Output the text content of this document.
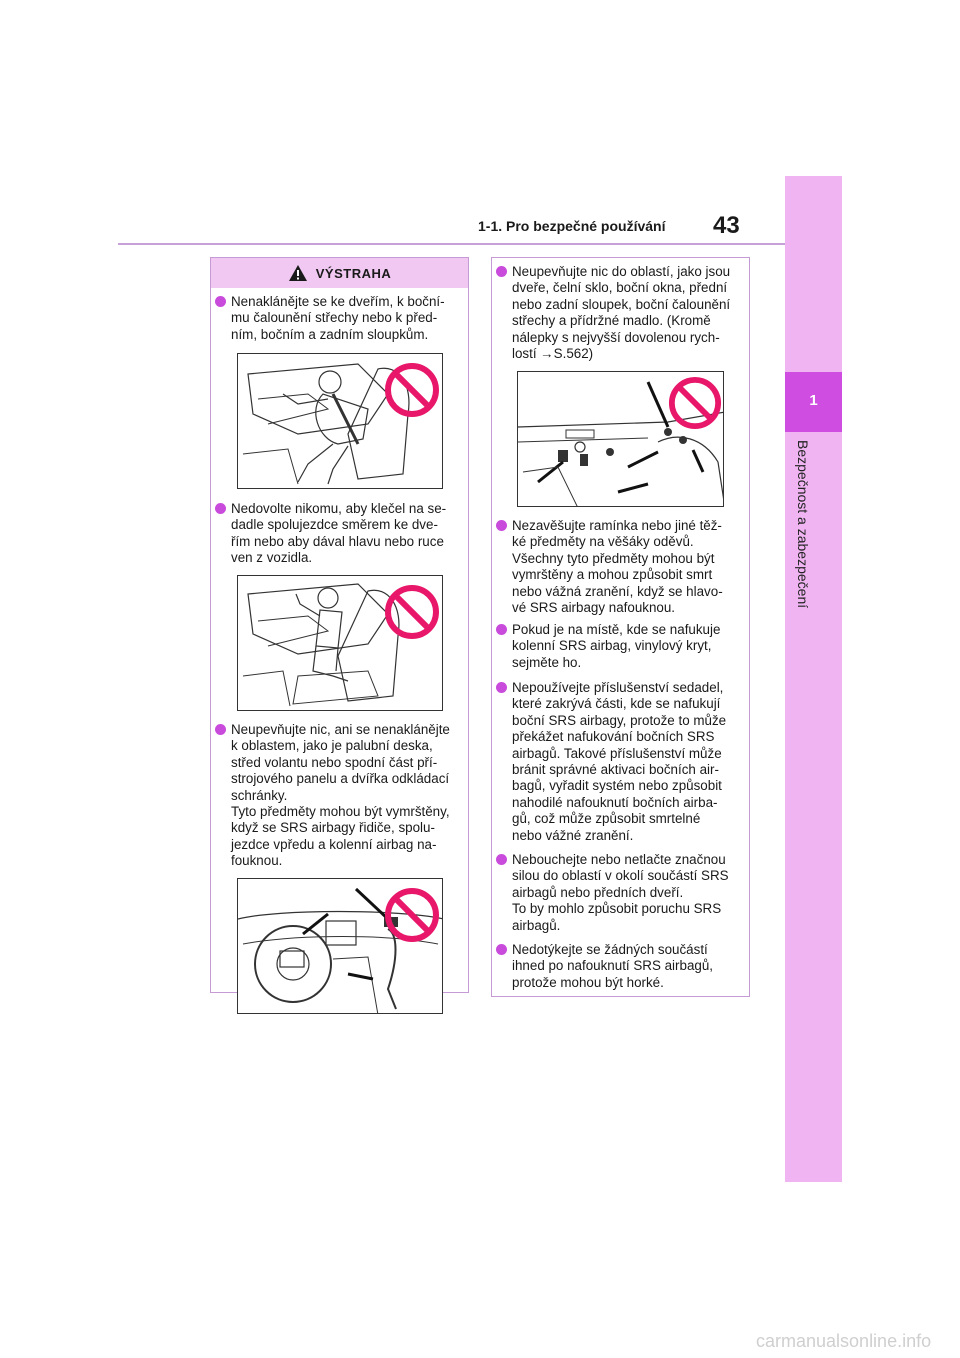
1-1. Pro bezpečné používání 43
1
Bezpečnost a zabezpečení
VÝSTRAHA

Nenaklánějte se ke dveřím, k boční-

mu čalounění střechy nebo k před-

ním, bočním a zadním sloupkům.

Nedovolte nikomu, aby klečel na se-

dadle spolujezdce směrem ke dve-

řím nebo aby dával hlavu nebo ruce

ven z vozidla.

Neupevňujte nic, ani se nenaklánějte

k oblastem, jako je palubní deska,

střed volantu nebo spodní část pří-

strojového panelu a dvířka odkládací

schránky.

Tyto předměty mohou být vymrštěny,

když se SRS airbagy řidiče, spolu-

jezdce vpředu a kolenní airbag na-

fouknou.

Neupevňujte nic do oblastí, jako jsou

dveře, čelní sklo, boční okna, přední

nebo zadní sloupek, boční čalounění

střechy a přídržné madlo. (Kromě

nálepky s nejvyšší dovolenou rych-

lostí →S.562)

Nezavěšujte ramínka nebo jiné těž-

ké předměty na věšáky oděvů.

Všechny tyto předměty mohou být

vymrštěny a mohou způsobit smrt

nebo vážná zranění, když se hlavo-

vé SRS airbagy nafouknou.

Pokud je na místě, kde se nafukuje

kolenní SRS airbag, vinylový kryt,

sejměte ho.

Nepoužívejte příslušenství sedadel,

které zakrývá části, kde se nafukují

boční SRS airbagy, protože to může

překážet nafukování bočních SRS

airbagů. Takové příslušenství může

bránit správné aktivaci bočních air-

bagů, vyřadit systém nebo způsobit

nahodilé nafouknutí bočních airba-

gů, což může způsobit smrtelné

nebo vážné zranění.

Nebouchejte nebo netlačte značnou

silou do oblastí v okolí součástí SRS

airbagů nebo předních dveří.

To by mohlo způsobit poruchu SRS

airbagů.

Nedotýkejte se žádných součástí

ihned po nafouknutí SRS airbagů,

protože mohou být horké.

carmanualsonline.info
